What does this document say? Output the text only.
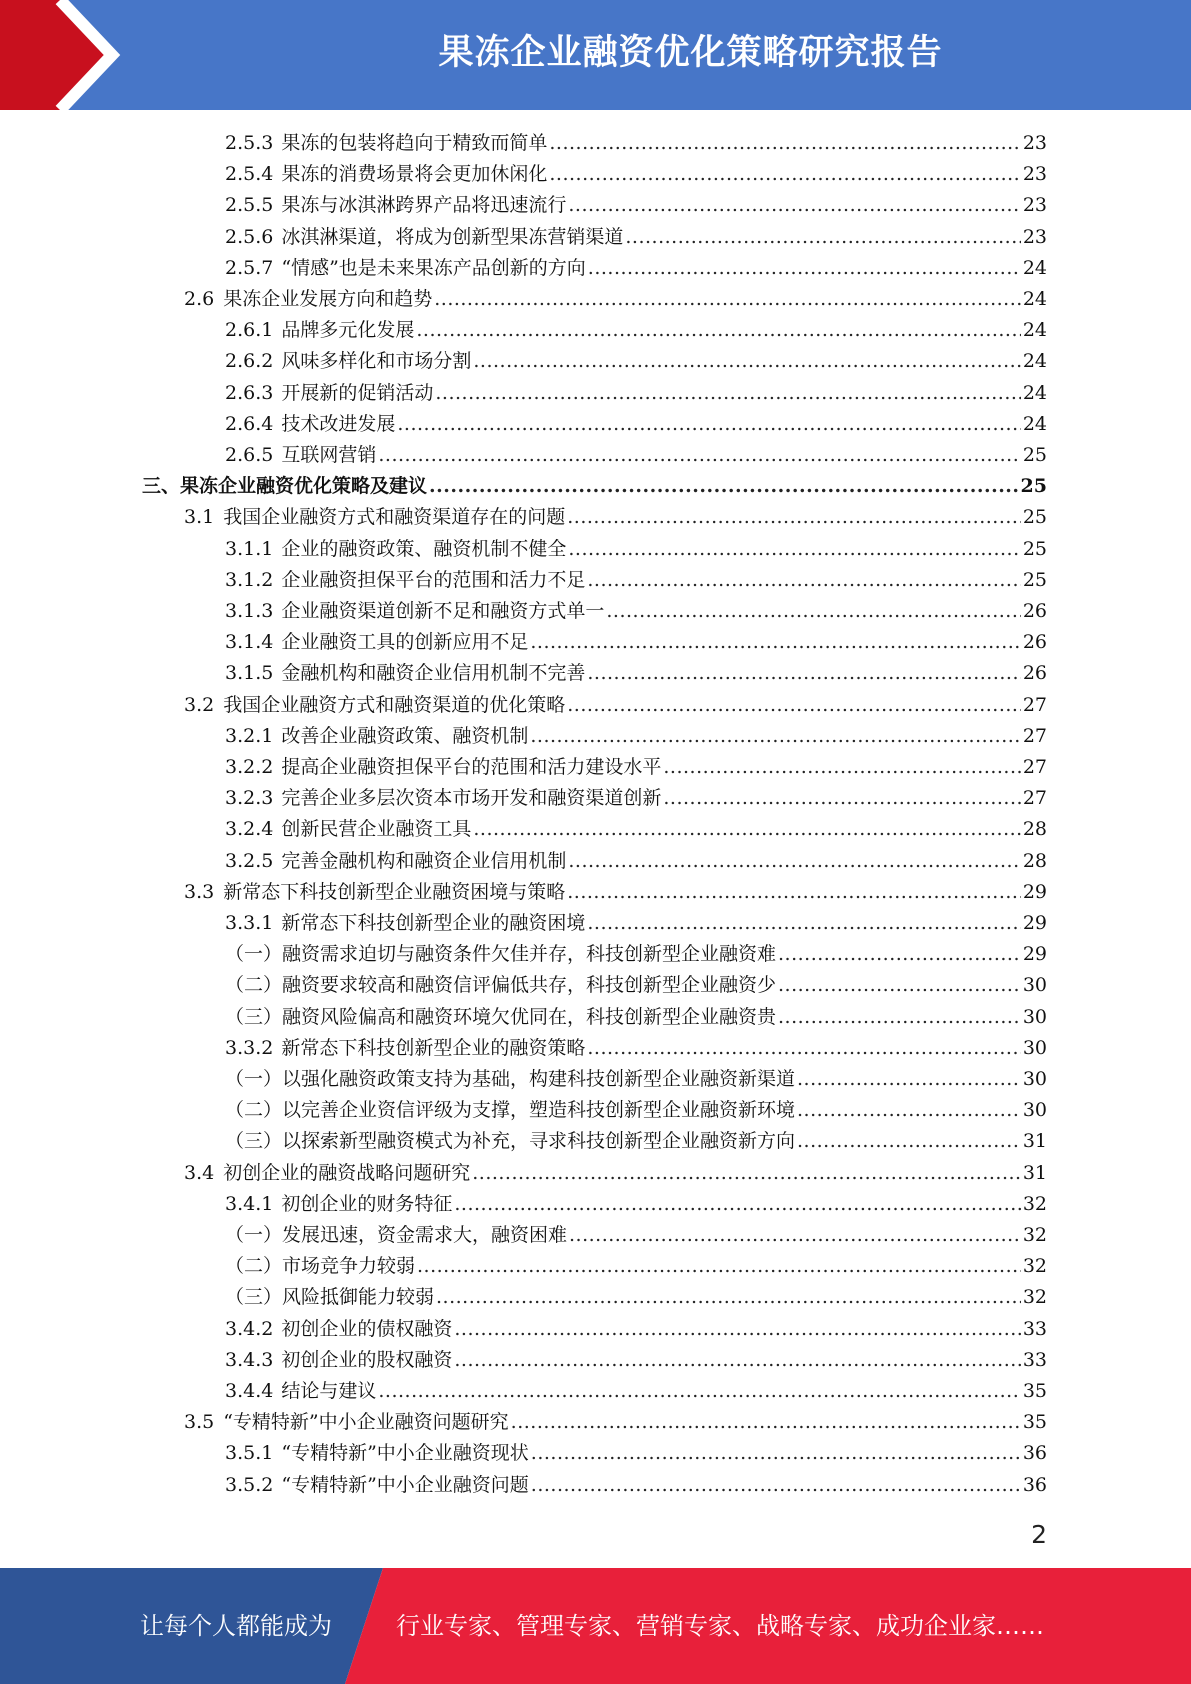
果冻企业融资优化策略研究报告
2.5.3 果冻的包装将趋向于精致而简单 .....	23
2.5.4 果冻的消费场景将会更加休闲化 .....	23
2.5.5 果冻与冰淇淋跨界产品将迅速流行 .....	23
2.5.6 冰淇淋渠道，将成为创新型果冻营销渠道 .....	23
2.5.7 “情感”也是未来果冻产品创新的方向 .....	24
2.6 果冻企业发展方向和趋势 .....	24
2.6.1 品牌多元化发展 .....	24
2.6.2 风味多样化和市场分割 .....	24
2.6.3 开展新的促销活动 .....	24
2.6.4 技术改进发展 .....	24
2.6.5 互联网营销 .....	25
三、果冻企业融资优化策略及建议 .....	25
3.1 我国企业融资方式和融资渠道存在的问题 .....	25
3.1.1 企业的融资政策、融资机制不健全 .....	25
3.1.2 企业融资担保平台的范围和活力不足 .....	25
3.1.3 企业融资渠道创新不足和融资方式单一 .....	26
3.1.4 企业融资工具的创新应用不足 .....	26
3.1.5 金融机构和融资企业信用机制不完善 .....	26
3.2 我国企业融资方式和融资渠道的优化策略 .....	27
3.2.1 改善企业融资政策、融资机制 .....	27
3.2.2 提高企业融资担保平台的范围和活力建设水平 .....	27
3.2.3 完善企业多层次资本市场开发和融资渠道创新 .....	27
3.2.4 创新民营企业融资工具 .....	28
3.2.5 完善金融机构和融资企业信用机制 .....	28
3.3 新常态下科技创新型企业融资困境与策略 .....	29
3.3.1 新常态下科技创新型企业的融资困境 .....	29
（一）融资需求迫切与融资条件欠佳并存，科技创新型企业融资难 .....	29
（二）融资要求较高和融资信评偏低共存，科技创新型企业融资少 .....	30
（三）融资风险偏高和融资环境欠优同在，科技创新型企业融资贵 .....	30
3.3.2 新常态下科技创新型企业的融资策略 .....	30
（一）以强化融资政策支持为基础，构建科技创新型企业融资新渠道 .....	30
（二）以完善企业资信评级为支撑，塑造科技创新型企业融资新环境 .....	30
（三）以探索新型融资模式为补充，寻求科技创新型企业融资新方向 .....	31
3.4 初创企业的融资战略问题研究 .....	31
3.4.1 初创企业的财务特征 .....	32
（一）发展迅速，资金需求大，融资困难 .....	32
（二）市场竞争力较弱 .....	32
（三）风险抵御能力较弱 .....	32
3.4.2 初创企业的债权融资 .....	33
3.4.3 初创企业的股权融资 .....	33
3.4.4 结论与建议 .....	35
3.5 “专精特新”中小企业融资问题研究 .....	35
3.5.1 “专精特新”中小企业融资现状 .....	36
3.5.2 “专精特新”中小企业融资问题 .....	36
2
让每个人都能成为	行业专家、管理专家、营销专家、战略专家、成功企业家……
